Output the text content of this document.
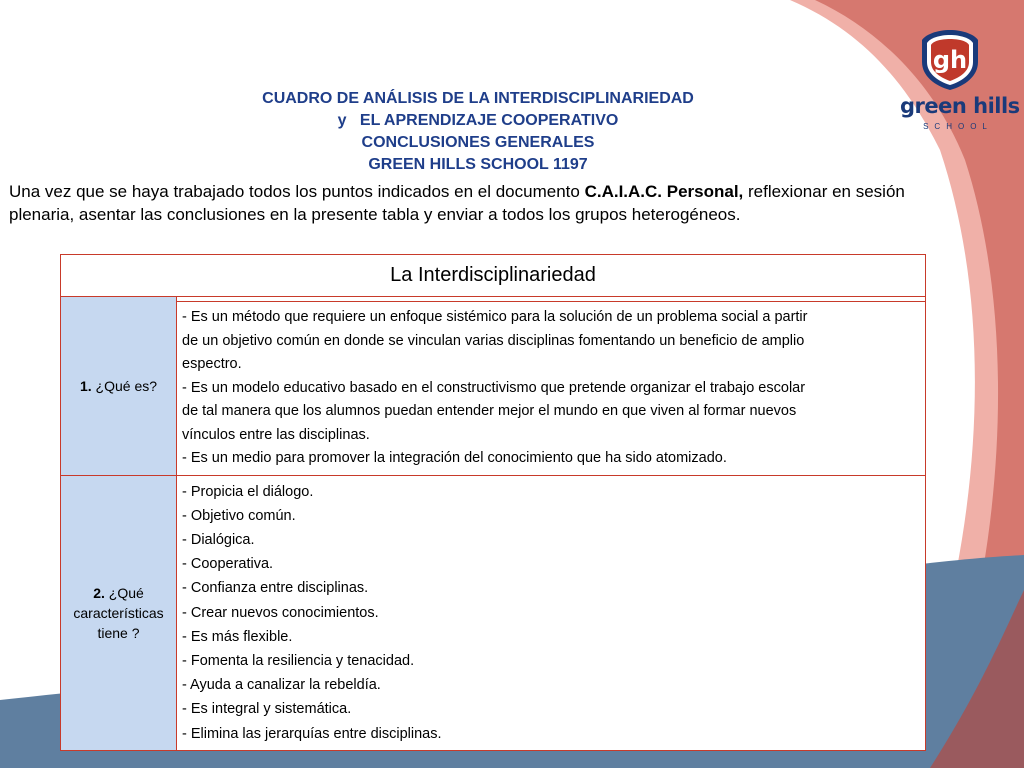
gh
green hills
SCHOOL
CUADRO DE ANÁLISIS DE LA INTERDISCIPLINARIEDAD
y   EL APRENDIZAJE COOPERATIVO
CONCLUSIONES GENERALES
GREEN HILLS SCHOOL 1197
Una vez que se haya trabajado todos los puntos indicados en el documento C.A.I.A.C. Personal, reflexionar en sesión plenaria, asentar las conclusiones en la presente tabla y enviar a todos los grupos heterogéneos.
La Interdisciplinariedad
1. ¿Qué es?
- Es un método que requiere un enfoque sistémico para la solución de un problema social a partir
de un objetivo común en donde se vinculan varias disciplinas fomentando un beneficio de amplio
espectro.
- Es un modelo educativo basado en el constructivismo que pretende organizar el trabajo escolar
de tal manera que los alumnos puedan entender mejor el mundo en que viven al formar nuevos
vínculos entre las disciplinas.
- Es un medio para promover la integración del conocimiento que ha sido atomizado.
2. ¿Qué
características
tiene ?
- Propicia el diálogo.
- Objetivo común.
- Dialógica.
- Cooperativa.
- Confianza entre disciplinas.
- Crear nuevos conocimientos.
- Es más flexible.
- Fomenta la resiliencia y tenacidad.
- Ayuda a canalizar la rebeldía.
- Es integral y sistemática.
- Elimina las jerarquías entre disciplinas.
